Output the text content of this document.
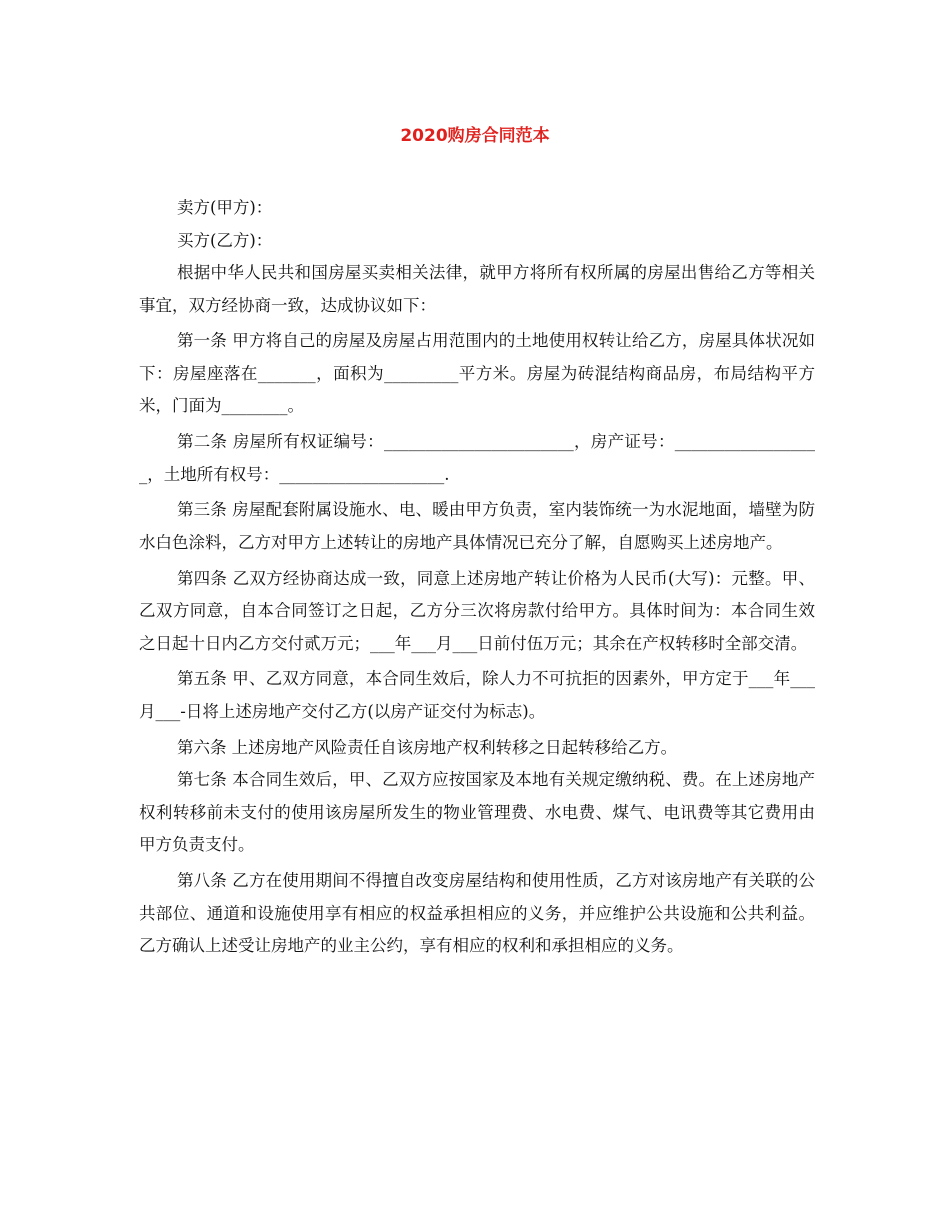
2020购房合同范本

卖方(甲方)：

买方(乙方)：

根据中华人民共和国房屋买卖相关法律，就甲方将所有权所属的房屋出售给乙方等相关事宜，双方经协商一致，达成协议如下：

第一条 甲方将自己的房屋及房屋占用范围内的土地使用权转让给乙方，房屋具体状况如下：房屋座落在_______，面积为_________平方米。房屋为砖混结构商品房，布局结构平方米，门面为________。

第二条 房屋所有权证编号：_______________________，房产证号：__________________，土地所有权号：____________________.

第三条 房屋配套附属设施水、电、暖由甲方负责，室内装饰统一为水泥地面，墙壁为防水白色涂料，乙方对甲方上述转让的房地产具体情况已充分了解，自愿购买上述房地产。

第四条 乙双方经协商达成一致，同意上述房地产转让价格为人民币(大写)：元整。甲、乙双方同意，自本合同签订之日起，乙方分三次将房款付给甲方。具体时间为：本合同生效之日起十日内乙方交付贰万元；___年___月___日前付伍万元；其余在产权转移时全部交清。

第五条 甲、乙双方同意，本合同生效后，除人力不可抗拒的因素外，甲方定于___年___月___-日将上述房地产交付乙方(以房产证交付为标志)。

第六条 上述房地产风险责任自该房地产权利转移之日起转移给乙方。

第七条 本合同生效后，甲、乙双方应按国家及本地有关规定缴纳税、费。在上述房地产权利转移前未支付的使用该房屋所发生的物业管理费、水电费、煤气、电讯费等其它费用由甲方负责支付。

第八条 乙方在使用期间不得擅自改变房屋结构和使用性质，乙方对该房地产有关联的公共部位、通道和设施使用享有相应的权益承担相应的义务，并应维护公共设施和公共利益。乙方确认上述受让房地产的业主公约，享有相应的权利和承担相应的义务。
